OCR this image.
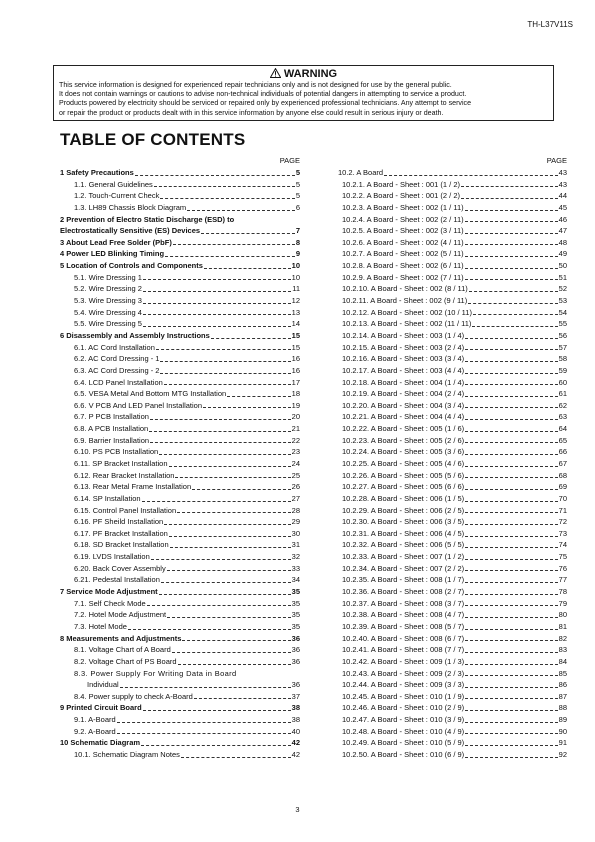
TH-L37V11S
WARNING
This service information is designed for experienced repair technicians only and is not designed for use by the general public.
It does not contain warnings or cautions to advise non-technical individuals of potential dangers in attempting to service a product.
Products powered by electricity should be serviced or repaired only by experienced professional technicians. Any attempt to service
or repair the product or products dealt with in this service information by anyone else could result in serious injury or death.
TABLE OF CONTENTS
PAGE
1 Safety Precautions	5
1.1. General Guidelines	5
1.2. Touch-Current Check	5
1.3. LH89 Chassis Block Diagram	6
2 Prevention of Electro Static Discharge (ESD) to
Electrostatically Sensitive (ES) Devices	7
3 About Lead Free Solder (PbF)	8
4 Power LED Blinking Timing	9
5 Location of Controls and Components	10
5.1. Wire Dressing 1	10
5.2. Wire Dressing 2	11
5.3. Wire Dressing 3	12
5.4. Wire Dressing 4	13
5.5. Wire Dressing 5	14
6 Disassembly and Assembly Instructions	15
6.1. AC Cord Installation	15
6.2. AC Cord Dressing - 1	16
6.3. AC Cord Dressing - 2	16
6.4. LCD Panel Installation	17
6.5. VESA Metal And Bottom MTG Installation	18
6.6. V PCB And LED Panel Installation	19
6.7. P PCB Installation	20
6.8. A PCB Installation	21
6.9. Barrier Installation	22
6.10. PS PCB Installation	23
6.11. SP Bracket Installation	24
6.12. Rear Bracket Installation	25
6.13. Rear Metal Frame Installation	26
6.14. SP Installation	27
6.15. Control Panel Installation	28
6.16. PF Sheild Installation	29
6.17. PF Bracket Installation	30
6.18. SD Bracket Installation	31
6.19. LVDS Installation	32
6.20. Back Cover Assembly	33
6.21. Pedestal Installation	34
7 Service Mode Adjustment	35
7.1. Self Check Mode	35
7.2. Hotel Mode Adjustment	35
7.3. Hotel Mode	35
8 Measurements and Adjustments	36
8.1. Voltage Chart of A Board	36
8.2. Voltage Chart of PS Board	36
8.3. Power Supply For Writing Data in Board
Individual	36
8.4. Power supply to check A-Board	37
9 Printed Circuit Board	38
9.1. A-Board	38
9.2. A-Board	40
10 Schematic Diagram	42
10.1. Schematic Diagram Notes	42
PAGE
10.2. A Board	43
10.2.1. A Board - Sheet : 001 (1 / 2)	43
10.2.2. A Board - Sheet : 001 (2 / 2)	44
10.2.3. A Board - Sheet : 002 (1 / 11)	45
10.2.4. A Board - Sheet : 002 (2 / 11)	46
10.2.5. A Board - Sheet : 002 (3 / 11)	47
10.2.6. A Board - Sheet : 002 (4 / 11)	48
10.2.7. A Board - Sheet : 002 (5 / 11)	49
10.2.8. A Board - Sheet : 002 (6 / 11)	50
10.2.9. A Board - Sheet : 002 (7 / 11)	51
10.2.10. A Board - Sheet : 002 (8 / 11)	52
10.2.11. A Board - Sheet : 002 (9 / 11)	53
10.2.12. A Board - Sheet : 002 (10 / 11)	54
10.2.13. A Board - Sheet : 002 (11 / 11)	55
10.2.14. A Board - Sheet : 003 (1 / 4)	56
10.2.15. A Board - Sheet : 003 (2 / 4)	57
10.2.16. A Board - Sheet : 003 (3 / 4)	58
10.2.17. A Board - Sheet : 003 (4 / 4)	59
10.2.18. A Board - Sheet : 004 (1 / 4)	60
10.2.19. A Board - Sheet : 004 (2 / 4)	61
10.2.20. A Board - Sheet : 004 (3 / 4)	62
10.2.21. A Board - Sheet : 004 (4 / 4)	63
10.2.22. A Board - Sheet : 005 (1 / 6)	64
10.2.23. A Board - Sheet : 005 (2 / 6)	65
10.2.24. A Board - Sheet : 005 (3 / 6)	66
10.2.25. A Board - Sheet : 005 (4 / 6)	67
10.2.26. A Board - Sheet : 005 (5 / 6)	68
10.2.27. A Board - Sheet : 005 (6 / 6)	69
10.2.28. A Board - Sheet : 006 (1 / 5)	70
10.2.29. A Board - Sheet : 006 (2 / 5)	71
10.2.30. A Board - Sheet : 006 (3 / 5)	72
10.2.31. A Board - Sheet : 006 (4 / 5)	73
10.2.32. A Board - Sheet : 006 (5 / 5)	74
10.2.33. A Board - Sheet : 007 (1 / 2)	75
10.2.34. A Board - Sheet : 007 (2 / 2)	76
10.2.35. A Board - Sheet : 008 (1 / 7)	77
10.2.36. A Board - Sheet : 008 (2 / 7)	78
10.2.37. A Board - Sheet : 008 (3 / 7)	79
10.2.38. A Board - Sheet : 008 (4 / 7)	80
10.2.39. A Board - Sheet : 008 (5 / 7)	81
10.2.40. A Board - Sheet : 008 (6 / 7)	82
10.2.41. A Board - Sheet : 008 (7 / 7)	83
10.2.42. A Board - Sheet : 009 (1 / 3)	84
10.2.43. A Board - Sheet : 009 (2 / 3)	85
10.2.44. A Board - Sheet : 009 (3 / 3)	86
10.2.45. A Board - Sheet : 010 (1 / 9)	87
10.2.46. A Board - Sheet : 010 (2 / 9)	88
10.2.47. A Board - Sheet : 010 (3 / 9)	89
10.2.48. A Board - Sheet : 010 (4 / 9)	90
10.2.49. A Board - Sheet : 010 (5 / 9)	91
10.2.50. A Board - Sheet : 010 (6 / 9)	92
3
